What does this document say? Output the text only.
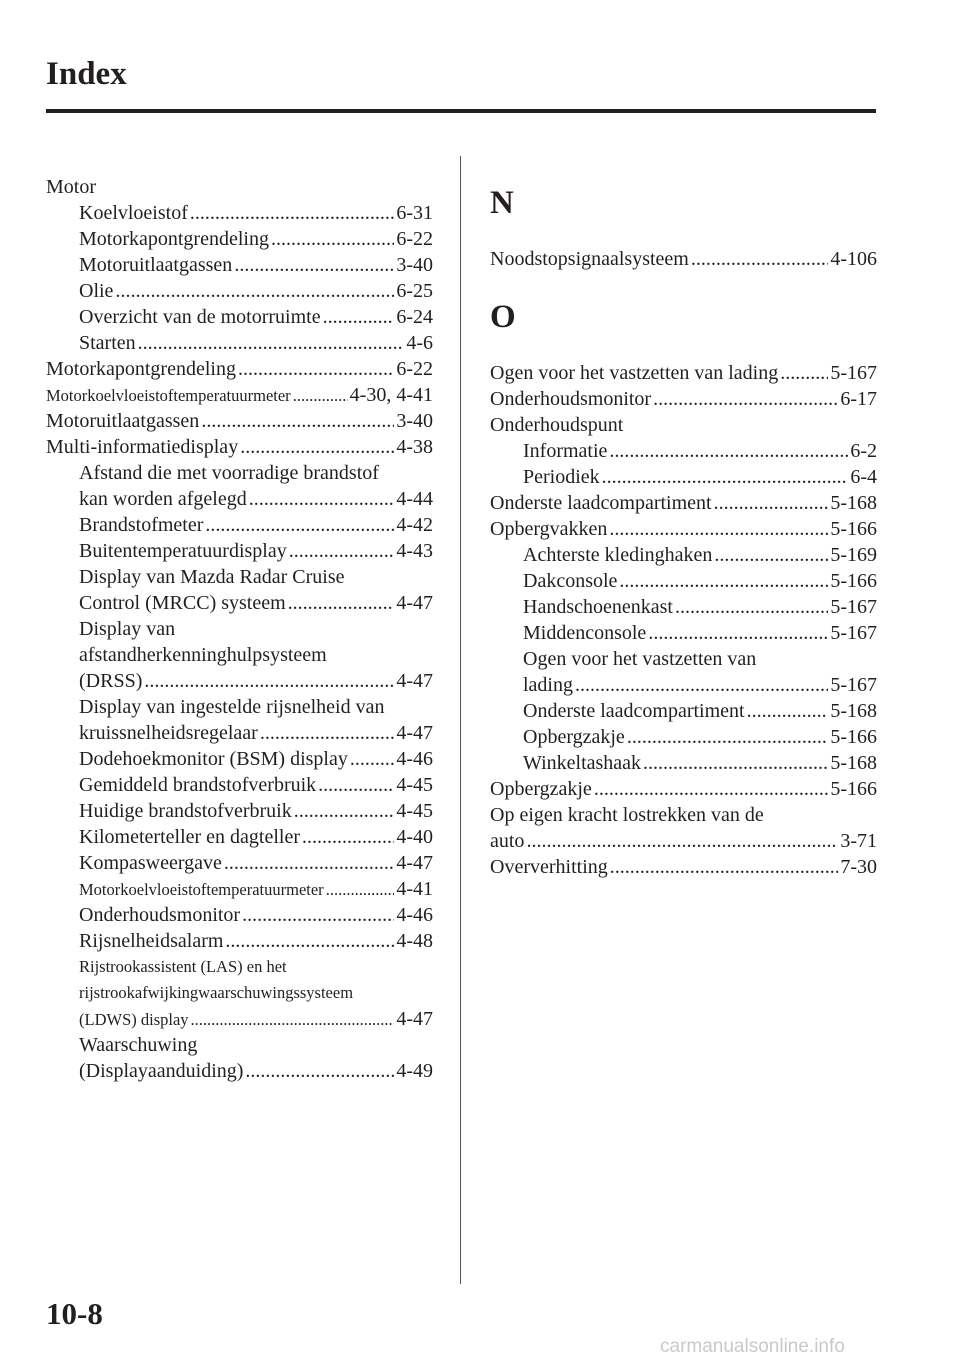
Index
Motor
Koelvloeistof .....	6-31
Motorkapontgrendeling .....	6-22
Motoruitlaatgassen .....	3-40
Olie .....	6-25
Overzicht van de motorruimte .....	6-24
Starten .....	4-6
Motorkapontgrendeling .....	6-22
Motorkoelvloeistoftemperatuurmeter .....	4-30, 4-41
Motoruitlaatgassen .....	3-40
Multi-informatiedisplay .....	4-38
Afstand die met voorradige brandstof
kan worden afgelegd .....	4-44
Brandstofmeter .....	4-42
Buitentemperatuurdisplay .....	4-43
Display van Mazda Radar Cruise
Control (MRCC) systeem .....	4-47
Display van
afstandherkenninghulpsysteem
(DRSS) .....	4-47
Display van ingestelde rijsnelheid van
kruissnelheidsregelaar .....	4-47
Dodehoekmonitor (BSM) display ..... 4-46
Gemiddeld brandstofverbruik .....	4-45
Huidige brandstofverbruik .....	4-45
Kilometerteller en dagteller .....	4-40
Kompasweergave .....	4-47
Motorkoelvloeistoftemperatuurmeter .....	4-41
Onderhoudsmonitor .....	4-46
Rijsnelheidsalarm .....	4-48
Rijstrookassistent (LAS) en het
rijstrookafwijkingwaarschuwingssysteem
(LDWS) display .....	4-47
Waarschuwing
(Displayaanduiding) .....	4-49
N
Noodstopsignaalsysteem .....	4-106
O
Ogen voor het vastzetten van lading .....	5-167
Onderhoudsmonitor .....	6-17
Onderhoudspunt
Informatie .....	6-2
Periodiek .....	6-4
Onderste laadcompartiment .....	5-168
Opbergvakken .....	5-166
Achterste kledinghaken .....	5-169
Dakconsole .....	5-166
Handschoenenkast .....	5-167
Middenconsole .....	5-167
Ogen voor het vastzetten van
lading .....	5-167
Onderste laadcompartiment .....	5-168
Opbergzakje .....	5-166
Winkeltashaak .....	5-168
Opbergzakje .....	5-166
Op eigen kracht lostrekken van de
auto .....	3-71
Oververhitting .....	7-30
10-8
carmanualsonline.info
